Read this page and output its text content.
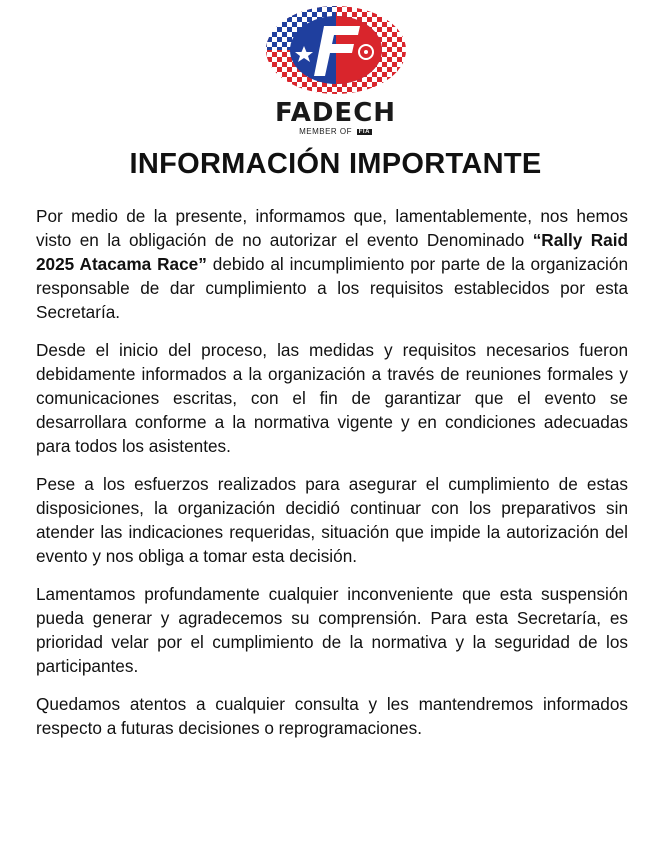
FADECH
MEMBER OF FIA
INFORMACIÓN IMPORTANTE

Por medio de la presente, informamos que, lamentablemente, nos hemos visto en la obligación de no autorizar el evento Denominado “Rally Raid 2025 Atacama Race” debido al incumplimiento por parte de la organización responsable de dar cumplimiento a los requisitos establecidos por esta Secretaría.

Desde el inicio del proceso, las medidas y requisitos necesarios fueron debidamente informados a la organización a través de reuniones formales y comunicaciones escritas, con el fin de garantizar que el evento se desarrollara conforme a la normativa vigente y en condiciones adecuadas para todos los asistentes.

Pese a los esfuerzos realizados para asegurar el cumplimiento de estas disposiciones, la organización decidió continuar con los preparativos sin atender las indicaciones requeridas, situación que impide la autorización del evento y nos obliga a tomar esta decisión.

Lamentamos profundamente cualquier inconveniente que esta suspensión pueda generar y agradecemos su comprensión. Para esta Secretaría, es prioridad velar por el cumplimiento de la normativa y la seguridad de los participantes.

Quedamos atentos a cualquier consulta y les mantendremos informados respecto a futuras decisiones o reprogramaciones.
